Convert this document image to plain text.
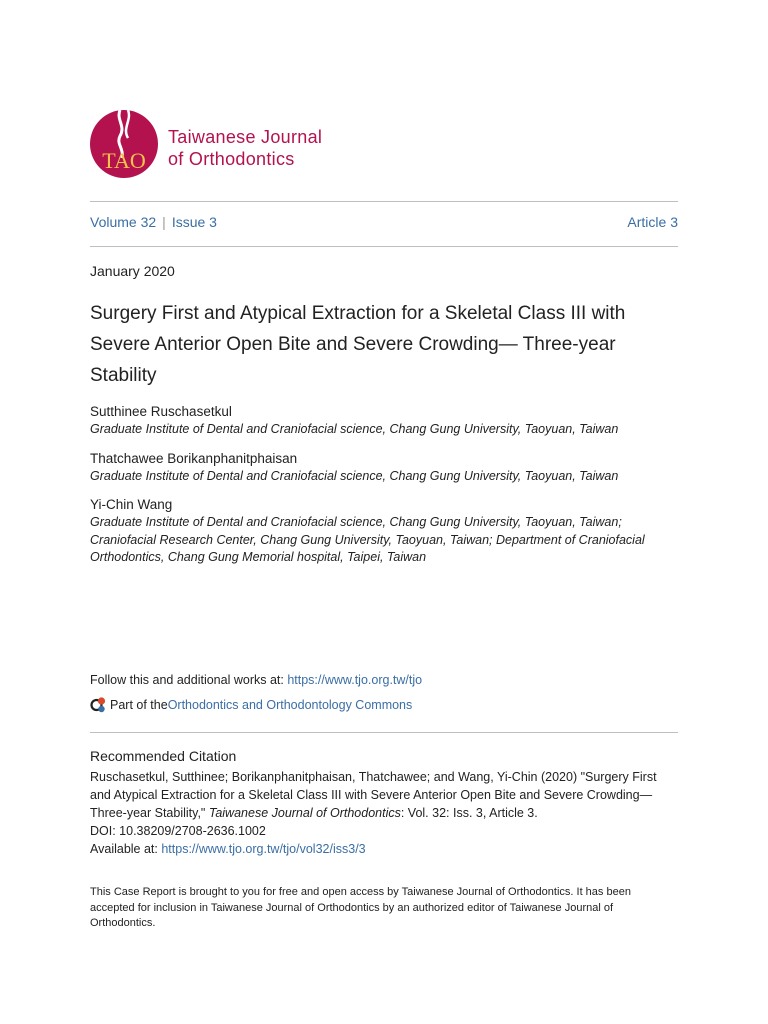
TAO
Taiwanese Journal
of Orthodontics
Volume 32 | Issue 3	Article 3
January 2020
Surgery First and Atypical Extraction for a Skeletal Class III with Severe Anterior Open Bite and Severe Crowding— Three-year Stability
Sutthinee Ruschasetkul
Graduate Institute of Dental and Craniofacial science, Chang Gung University, Taoyuan, Taiwan
Thatchawee Borikanphanitphaisan
Graduate Institute of Dental and Craniofacial science, Chang Gung University, Taoyuan, Taiwan
Yi-Chin Wang
Graduate Institute of Dental and Craniofacial science, Chang Gung University, Taoyuan, Taiwan; Craniofacial Research Center, Chang Gung University, Taoyuan, Taiwan; Department of Craniofacial Orthodontics, Chang Gung Memorial hospital, Taipei, Taiwan
Follow this and additional works at: https://www.tjo.org.tw/tjo
Part of the Orthodontics and Orthodontology Commons
Recommended Citation

Ruschasetkul, Sutthinee; Borikanphanitphaisan, Thatchawee; and Wang, Yi-Chin (2020) "Surgery First and Atypical Extraction for a Skeletal Class III with Severe Anterior Open Bite and Severe Crowding— Three-year Stability," Taiwanese Journal of Orthodontics: Vol. 32: Iss. 3, Article 3.

DOI: 10.38209/2708-2636.1002

Available at: https://www.tjo.org.tw/tjo/vol32/iss3/3

This Case Report is brought to you for free and open access by Taiwanese Journal of Orthodontics. It has been accepted for inclusion in Taiwanese Journal of Orthodontics by an authorized editor of Taiwanese Journal of Orthodontics.
